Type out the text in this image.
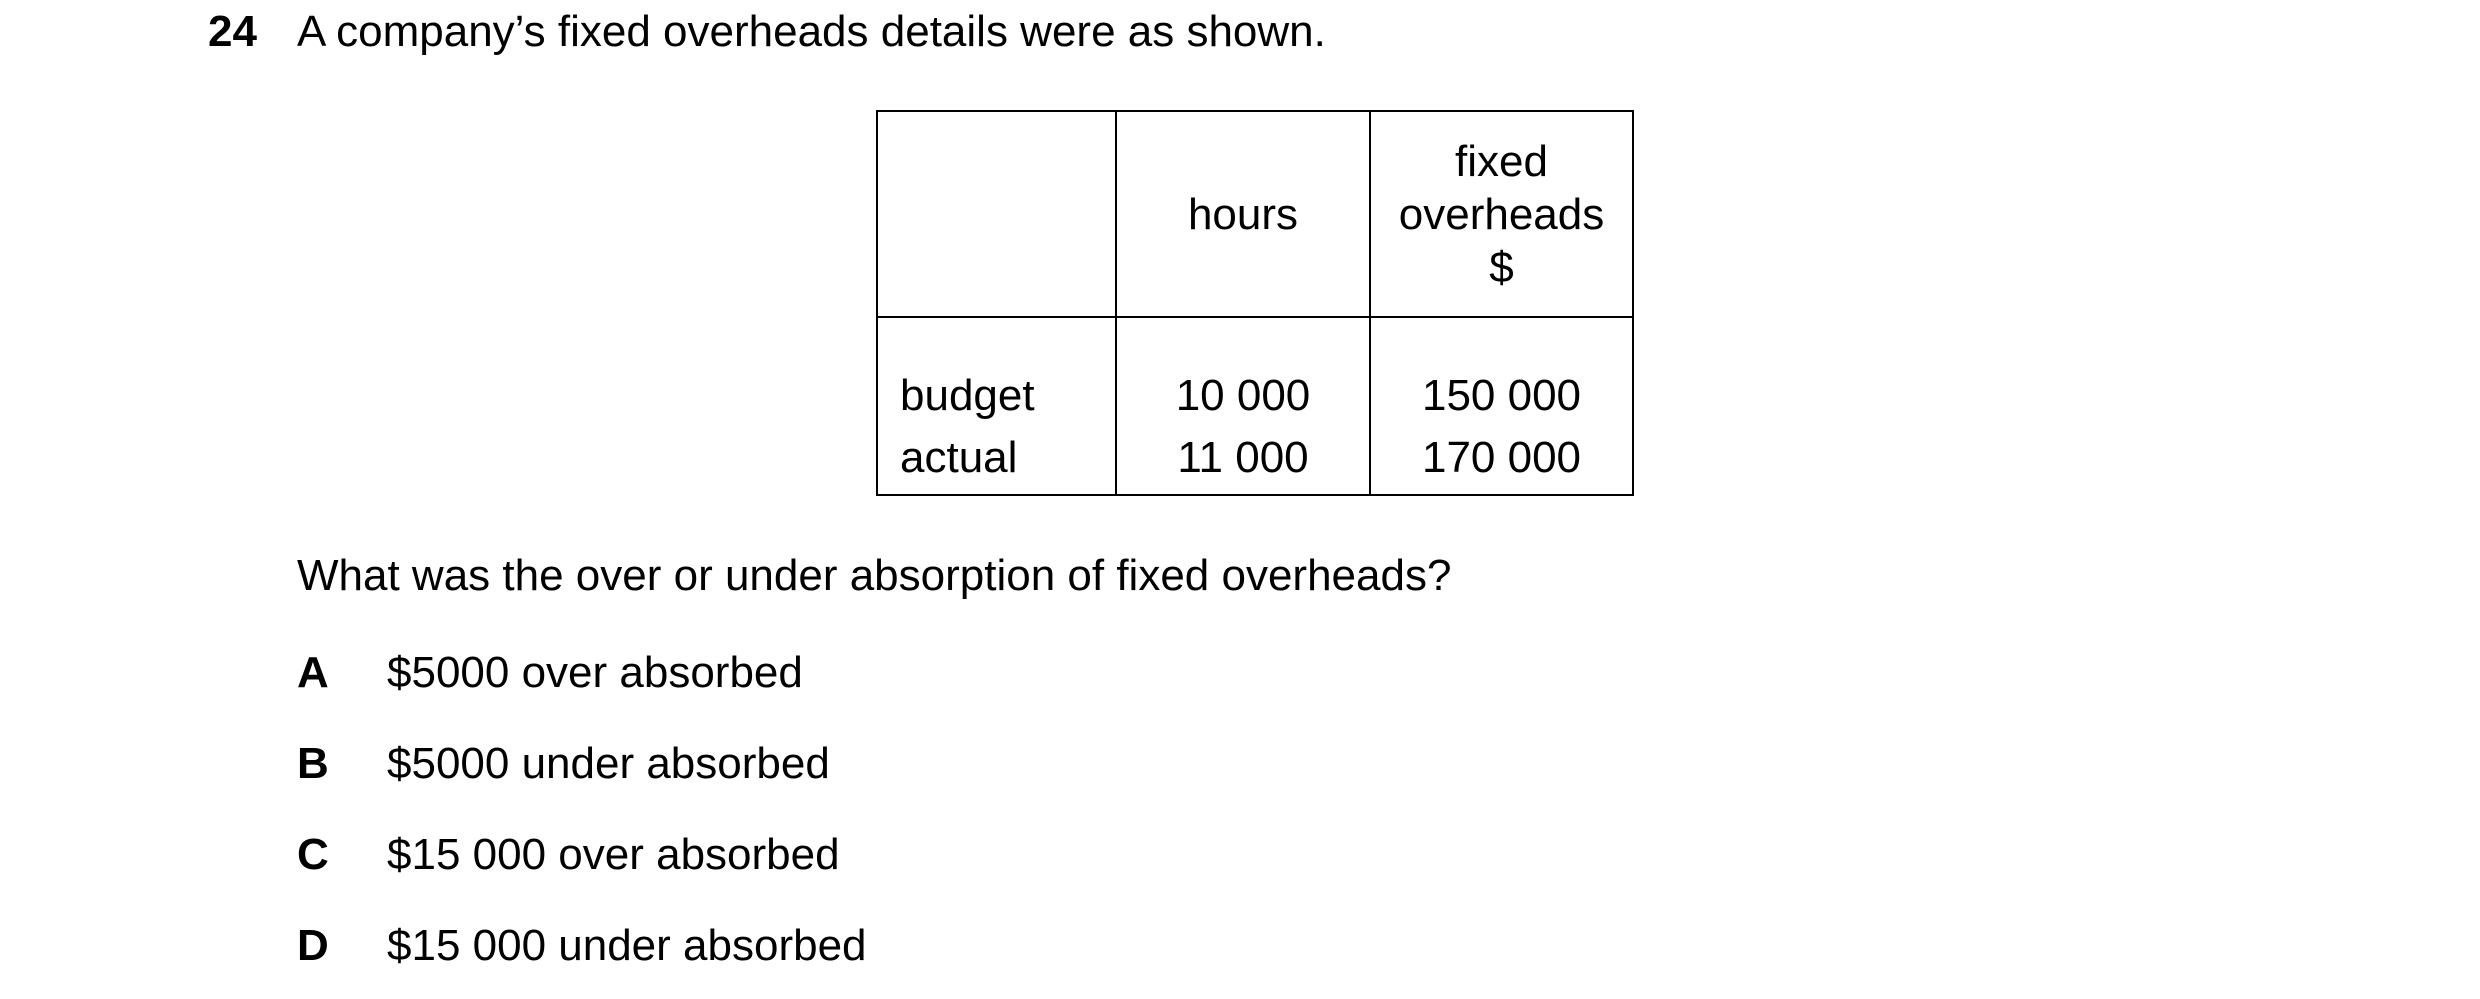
24 A company’s fixed overheads details were as shown.
	hours	fixed
overheads
$

budget	10 000	150 000
actual	11 000	170 000
What was the over or under absorption of fixed overheads?
A $5000 over absorbed
B $5000 under absorbed
C $15 000 over absorbed
D $15 000 under absorbed
